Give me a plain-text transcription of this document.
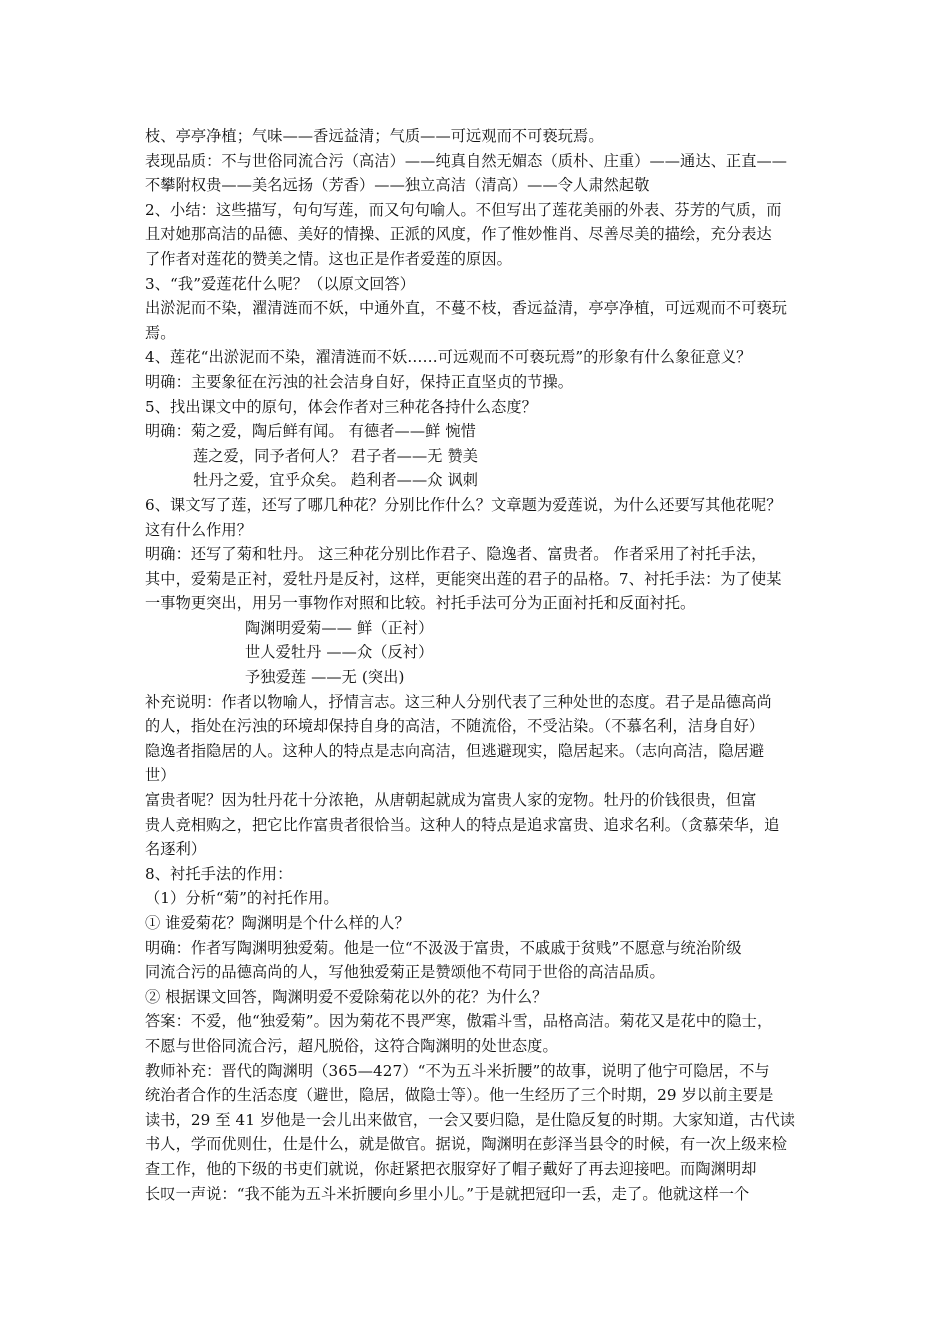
枝、亭亭净植；气味——香远益清；气质——可远观而不可亵玩焉。
表现品质：不与世俗同流合污（高洁）——纯真自然无媚态（质朴、庄重）——通达、正直——
不攀附权贵——美名远扬（芳香）——独立高洁（清高）——令人肃然起敬
2、小结：这些描写，句句写莲，而又句句喻人。不但写出了莲花美丽的外表、芬芳的气质，而
且对她那高洁的品德、美好的情操、正派的风度，作了惟妙惟肖、尽善尽美的描绘，充分表达
了作者对莲花的赞美之情。这也正是作者爱莲的原因。
3、“我”爱莲花什么呢？（以原文回答）
出淤泥而不染，濯清涟而不妖，中通外直，不蔓不枝，香远益清，亭亭净植，可远观而不可亵玩
焉。
4、莲花“出淤泥而不染，濯清涟而不妖……可远观而不可亵玩焉”的形象有什么象征意义？
明确：主要象征在污浊的社会洁身自好，保持正直坚贞的节操。
5、找出课文中的原句，体会作者对三种花各持什么态度？
明确：菊之爱，陶后鲜有闻。 有德者——鲜 惋惜
莲之爱，同予者何人？ 君子者——无 赞美
牡丹之爱，宜乎众矣。 趋利者——众 讽刺
6、课文写了莲，还写了哪几种花？分别比作什么？文章题为爱莲说，为什么还要写其他花呢？
这有什么作用？
明确：还写了菊和牡丹。 这三种花分别比作君子、隐逸者、富贵者。 作者采用了衬托手法，
其中，爱菊是正衬，爱牡丹是反衬，这样，更能突出莲的君子的品格。7、衬托手法：为了使某
一事物更突出，用另一事物作对照和比较。衬托手法可分为正面衬托和反面衬托。
陶渊明爱菊—— 鲜（正衬）
世人爱牡丹 ——众（反衬）
予独爱莲 ——无 (突出)
补充说明：作者以物喻人，抒情言志。这三种人分别代表了三种处世的态度。君子是品德高尚
的人，指处在污浊的环境却保持自身的高洁，不随流俗，不受沾染。（不慕名利，洁身自好）
隐逸者指隐居的人。这种人的特点是志向高洁，但逃避现实，隐居起来。（志向高洁，隐居避
世）
富贵者呢？因为牡丹花十分浓艳，从唐朝起就成为富贵人家的宠物。牡丹的价钱很贵，但富
贵人竞相购之，把它比作富贵者很恰当。这种人的特点是追求富贵、追求名利。（贪慕荣华，追
名逐利）
8、衬托手法的作用：
（1）分析“菊”的衬托作用。
① 谁爱菊花？陶渊明是个什么样的人？
明确：作者写陶渊明独爱菊。他是一位“不汲汲于富贵，不戚戚于贫贱”不愿意与统治阶级
同流合污的品德高尚的人，写他独爱菊正是赞颂他不苟同于世俗的高洁品质。
② 根据课文回答，陶渊明爱不爱除菊花以外的花？为什么？
答案：不爱，他“独爱菊”。因为菊花不畏严寒，傲霜斗雪，品格高洁。菊花又是花中的隐士，
不愿与世俗同流合污，超凡脱俗，这符合陶渊明的处世态度。
教师补充：晋代的陶渊明（365—427）“不为五斗米折腰”的故事，说明了他宁可隐居，不与
统治者合作的生活态度（避世，隐居，做隐士等）。他一生经历了三个时期，29 岁以前主要是
读书，29 至 41 岁他是一会儿出来做官，一会又要归隐，是仕隐反复的时期。大家知道，古代读
书人，学而优则仕，仕是什么，就是做官。据说，陶渊明在彭泽当县令的时候，有一次上级来检
查工作，他的下级的书吏们就说，你赶紧把衣服穿好了帽子戴好了再去迎接吧。而陶渊明却
长叹一声说：“我不能为五斗米折腰向乡里小儿。”于是就把冠印一丢，走了。他就这样一个
